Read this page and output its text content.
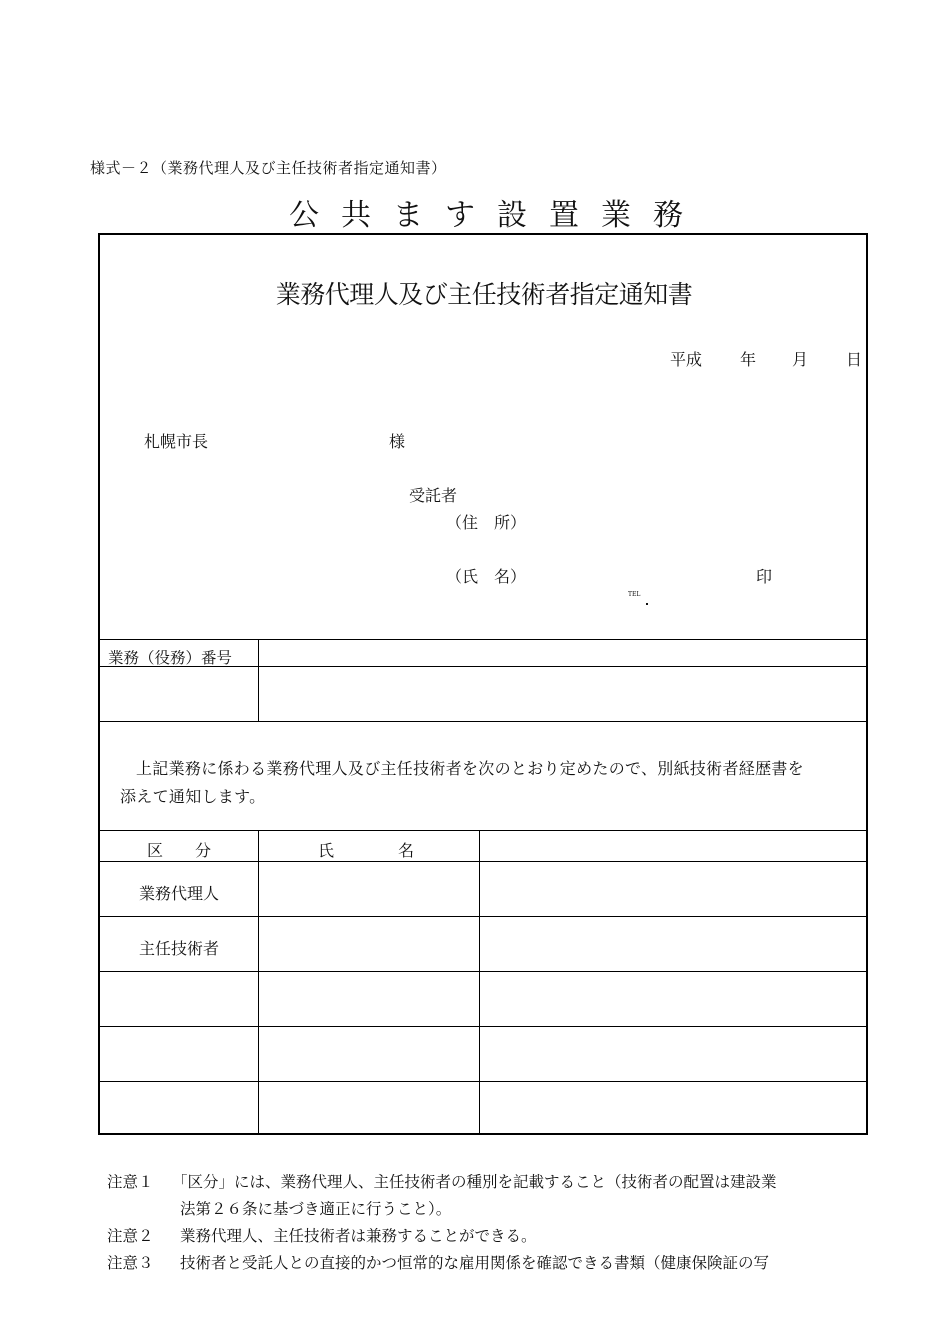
様式－２（業務代理人及び主任技術者指定通知書）
公共ます設置業務
業務代理人及び主任技術者指定通知書
平成 年 月 日
札幌市長	様
受託者
（住　所）
（氏　名）	印
TEL
業務（役務）番号
上記業務に係わる業務代理人及び主任技術者を次のとおり定めたので、別紙技術者経歴書を
添えて通知します。
区　　分	氏　　　　名
業務代理人
主任技術者
注意１ 「区分」には、業務代理人、主任技術者の種別を記載すること（技術者の配置は建設業
法第２６条に基づき適正に行うこと）。
注意２ 業務代理人、主任技術者は兼務することができる。
注意３ 技術者と受託人との直接的かつ恒常的な雇用関係を確認できる書類（健康保険証の写
